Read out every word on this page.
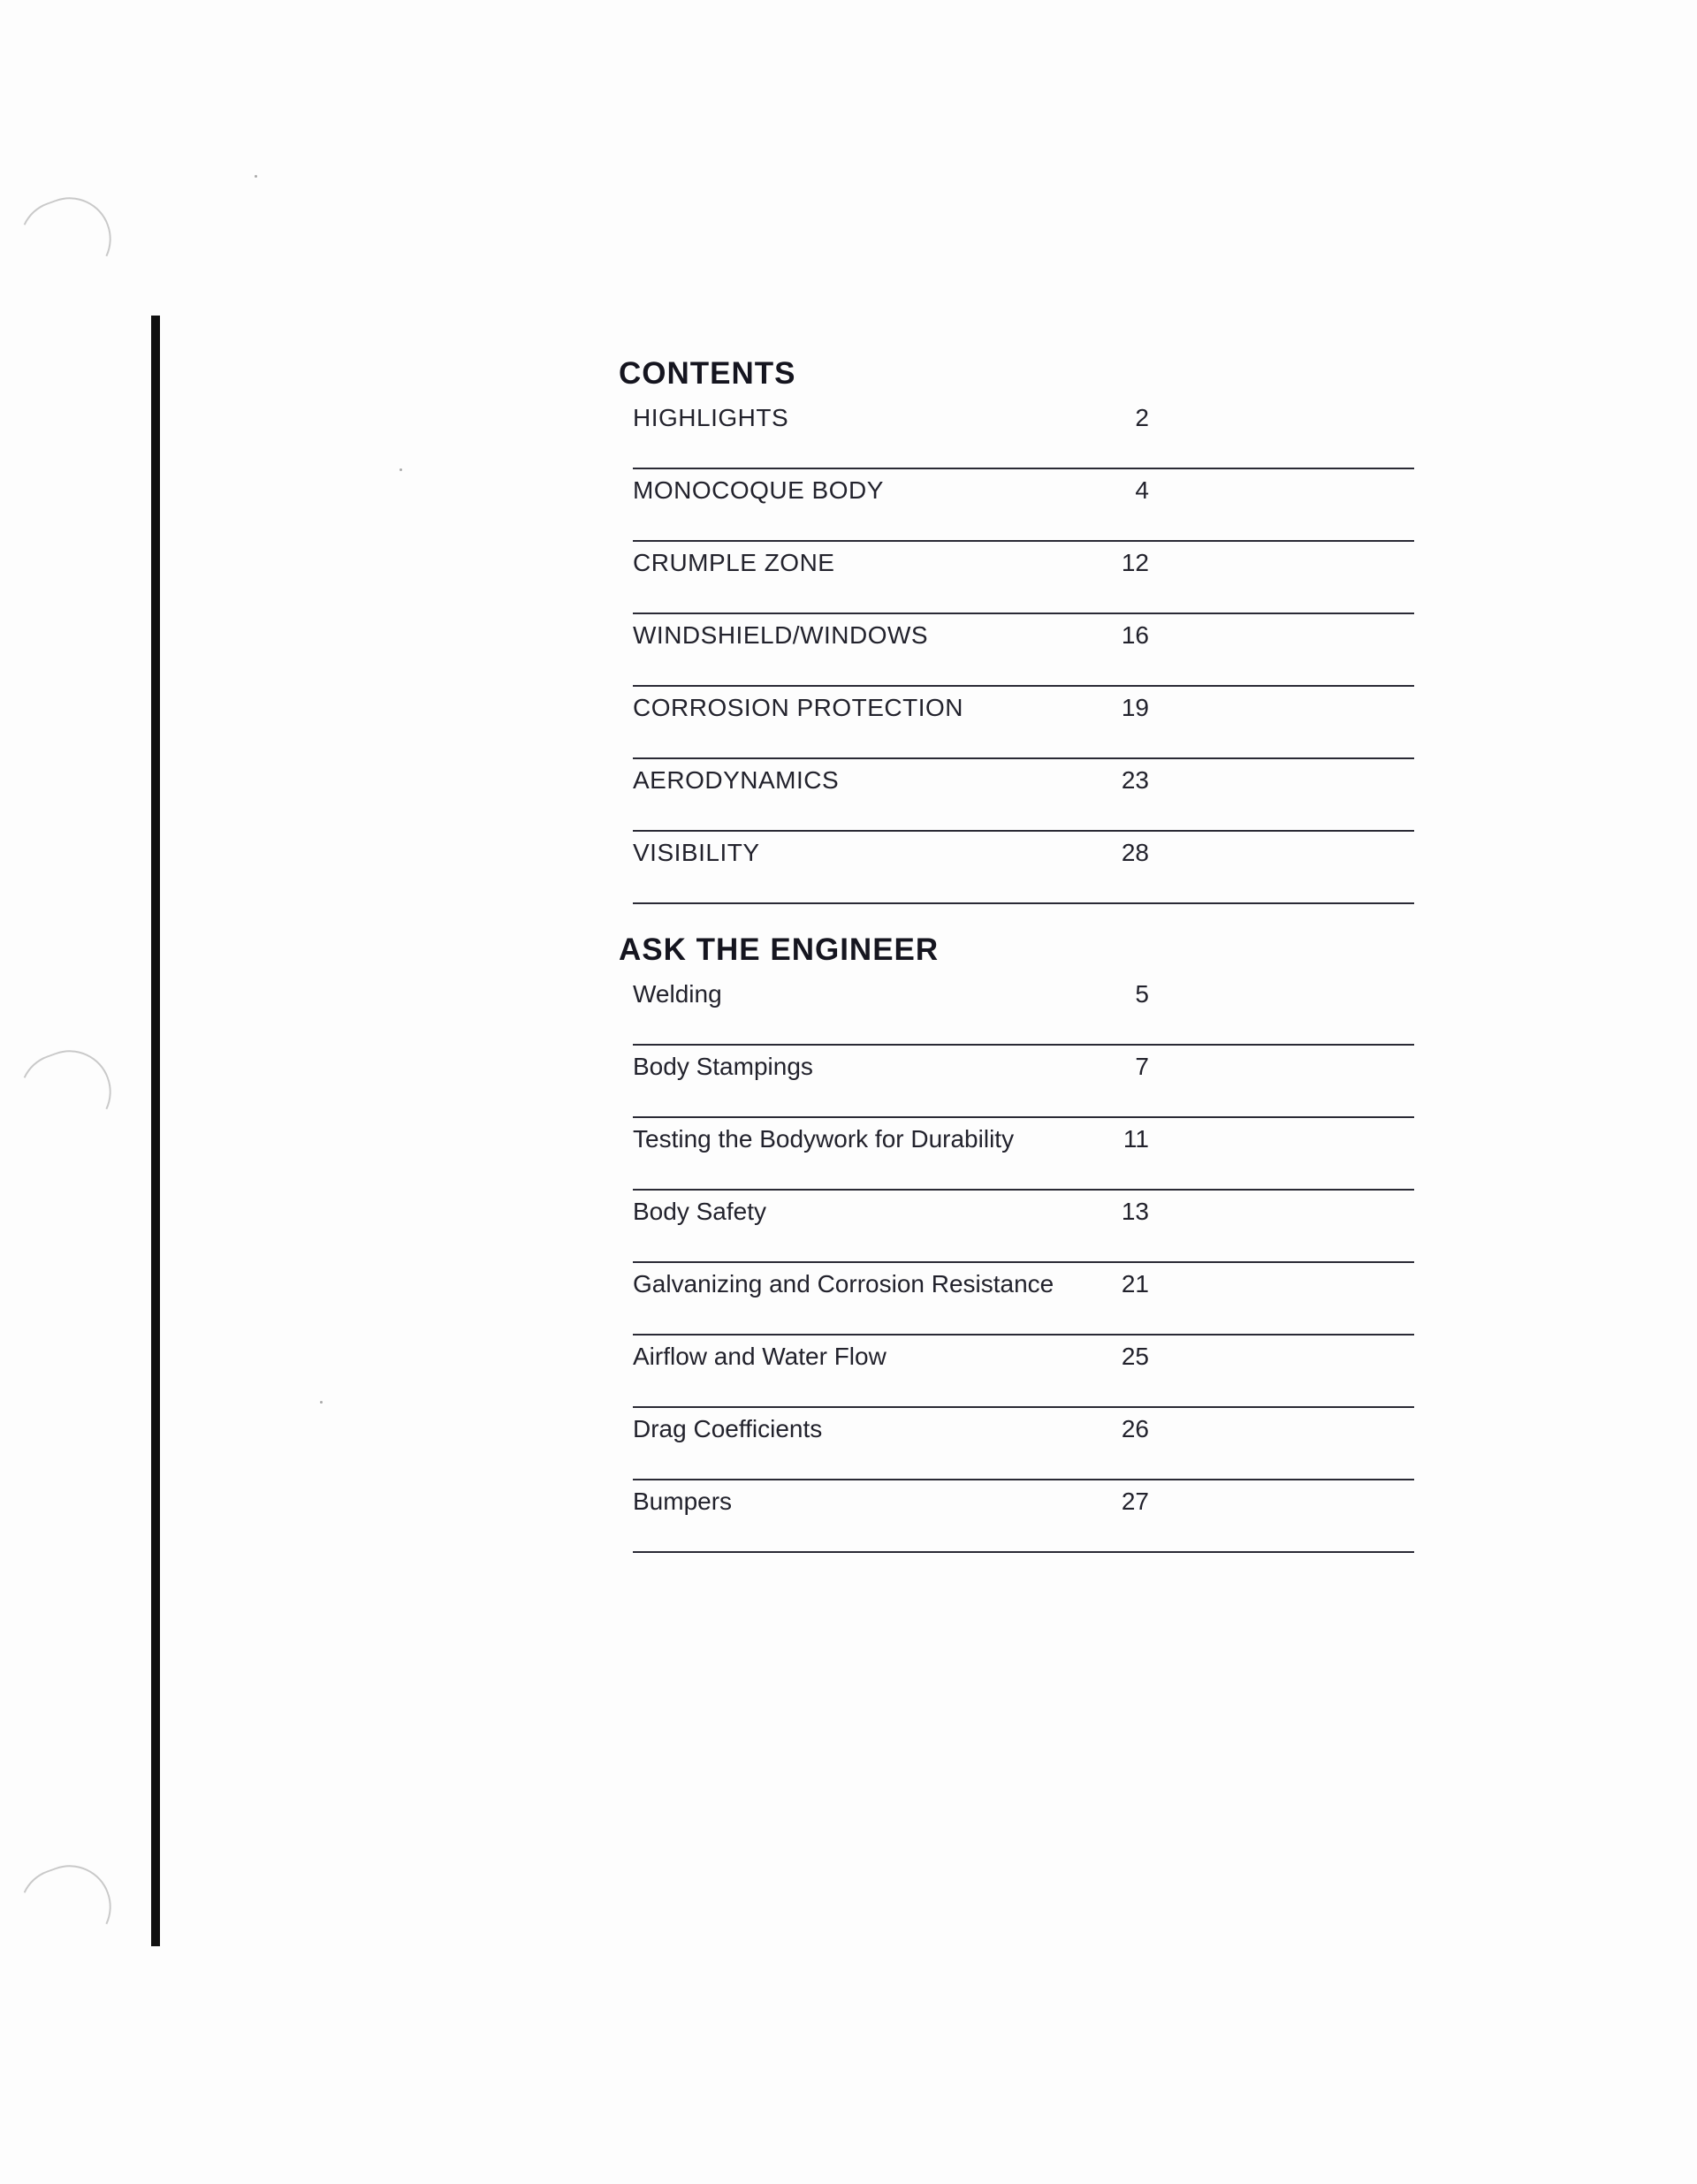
CONTENTS
HIGHLIGHTS	2
MONOCOQUE BODY	4
CRUMPLE ZONE	12
WINDSHIELD/WINDOWS	16
CORROSION PROTECTION	19
AERODYNAMICS	23
VISIBILITY	28
ASK THE ENGINEER
Welding	5
Body Stampings	7
Testing the Bodywork for Durability	11
Body Safety	13
Galvanizing and Corrosion Resistance	21
Airflow and Water Flow	25
Drag Coefficients	26
Bumpers	27
